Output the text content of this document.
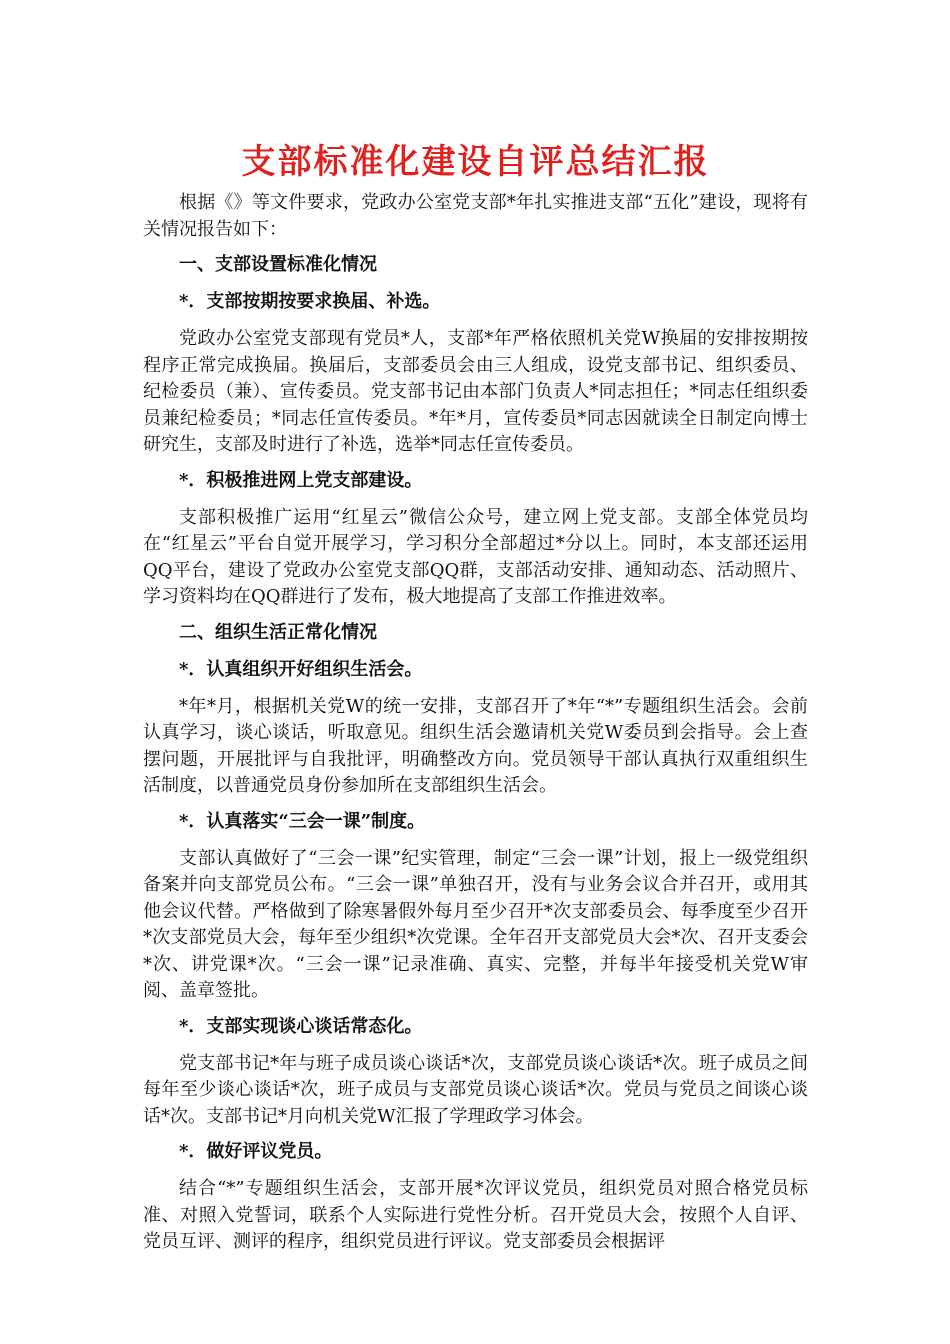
支部标准化建设自评总结汇报

根据《》等文件要求，党政办公室党支部*年扎实推进支部“五化”建设，现将有关情况报告如下：

一、支部设置标准化情况

*．支部按期按要求换届、补选。

党政办公室党支部现有党员*人，支部*年严格依照机关党W换届的安排按期按程序正常完成换届。换届后，支部委员会由三人组成，设党支部书记、组织委员、纪检委员（兼）、宣传委员。党支部书记由本部门负责人*同志担任；*同志任组织委员兼纪检委员；*同志任宣传委员。*年*月，宣传委员*同志因就读全日制定向博士研究生，支部及时进行了补选，选举*同志任宣传委员。

*．积极推进网上党支部建设。

支部积极推广运用“红星云”微信公众号，建立网上党支部。支部全体党员均在“红星云”平台自觉开展学习，学习积分全部超过*分以上。同时，本支部还运用QQ平台，建设了党政办公室党支部QQ群，支部活动安排、通知动态、活动照片、学习资料均在QQ群进行了发布，极大地提高了支部工作推进效率。

二、组织生活正常化情况

*．认真组织开好组织生活会。

*年*月，根据机关党W的统一安排，支部召开了*年“*”专题组织生活会。会前认真学习，谈心谈话，听取意见。组织生活会邀请机关党W委员到会指导。会上查摆问题，开展批评与自我批评，明确整改方向。党员领导干部认真执行双重组织生活制度，以普通党员身份参加所在支部组织生活会。

*．认真落实“三会一课”制度。

支部认真做好了“三会一课”纪实管理，制定“三会一课”计划，报上一级党组织备案并向支部党员公布。“三会一课”单独召开，没有与业务会议合并召开，或用其他会议代替。严格做到了除寒暑假外每月至少召开*次支部委员会、每季度至少召开*次支部党员大会，每年至少组织*次党课。全年召开支部党员大会*次、召开支委会*次、讲党课*次。“三会一课”记录准确、真实、完整，并每半年接受机关党W审阅、盖章签批。

*．支部实现谈心谈话常态化。

党支部书记*年与班子成员谈心谈话*次，支部党员谈心谈话*次。班子成员之间每年至少谈心谈话*次，班子成员与支部党员谈心谈话*次。党员与党员之间谈心谈话*次。支部书记*月向机关党W汇报了学理政学习体会。

*．做好评议党员。

结合“*”专题组织生活会，支部开展*次评议党员，组织党员对照合格党员标准、对照入党誓词，联系个人实际进行党性分析。召开党员大会，按照个人自评、党员互评、测评的程序，组织党员进行评议。党支部委员会根据评
